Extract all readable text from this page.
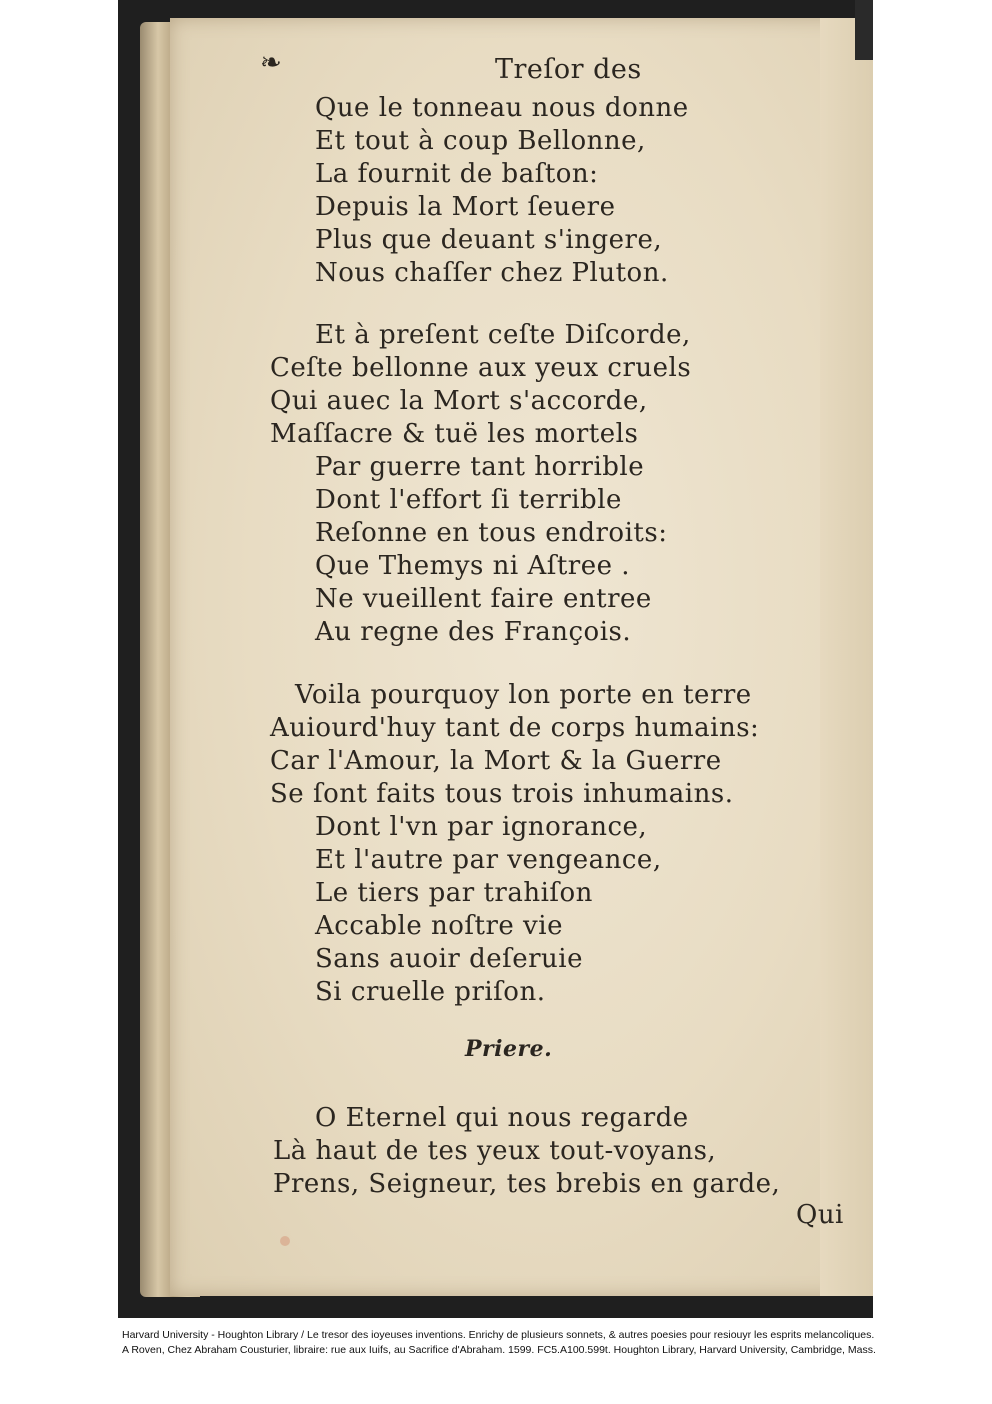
❧	Treſor des
Que le tonneau nous donne
Et tout à coup Bellonne,
La fournit de baſton:
Depuis la Mort ſeuere
Plus que deuant s'ingere,
Nous chaſſer chez Pluton.
Et à preſent ceſte Diſcorde,
Ceſte bellonne aux yeux cruels
Qui auec la Mort s'accorde,
Maſſacre & tuë les mortels
Par guerre tant horrible
Dont l'effort ſi terrible
Reſonne en tous endroits:
Que Themys ni Aſtree .
Ne vueillent faire entree
Au regne des François.
Voila pourquoy lon porte en terre
Auiourd'huy tant de corps humains:
Car l'Amour, la Mort & la Guerre
Se ſont faits tous trois inhumains.
Dont l'vn par ignorance,
Et l'autre par vengeance,
Le tiers par trahiſon
Accable noſtre vie
Sans auoir deſeruie
Si cruelle priſon.
Priere.
O Eternel qui nous regarde
Là haut de tes yeux tout-voyans,
Prens, Seigneur, tes brebis en garde,
Qui

Harvard University - Houghton Library / Le tresor des ioyeuses inventions. Enrichy de plusieurs sonnets, & autres poesies pour resiouyr les esprits melancoliques.

A Roven, Chez Abraham Cousturier, libraire: rue aux Iuifs, au Sacrifice d'Abraham. 1599. FC5.A100.599t. Houghton Library, Harvard University, Cambridge, Mass.
